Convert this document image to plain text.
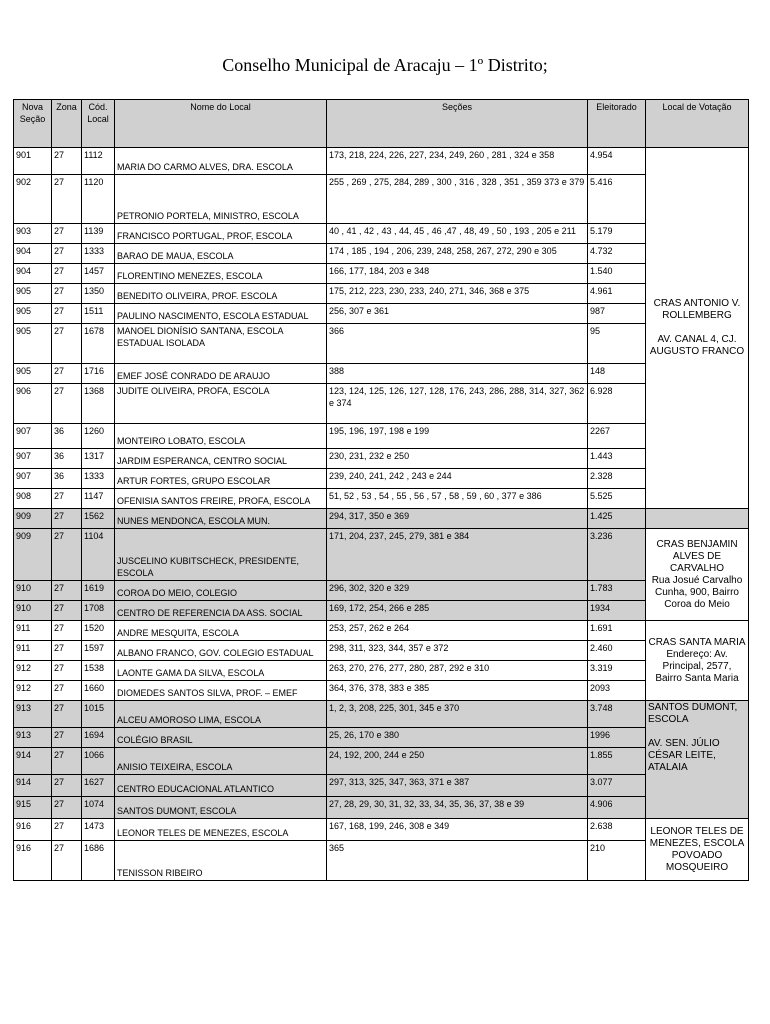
Conselho Municipal de Aracaju – 1º Distrito;
Nova Seção	Zona	Cód. Local	Nome do Local	Seções	Eleitorado	Local de Votação
901	27	1112	MARIA DO CARMO ALVES, DRA. ESCOLA	173, 218, 224, 226, 227, 234, 249, 260 , 281 , 324 e 358	4.954	CRAS ANTONIO V. ROLLEMBERG

AV. CANAL 4, CJ. AUGUSTO FRANCO
902	27	1120	PETRONIO PORTELA, MINISTRO, ESCOLA	255 , 269 , 275, 284, 289 , 300 , 316 , 328 , 351 , 359 373 e 379	5.416	
903	27	1139	FRANCISCO PORTUGAL, PROF, ESCOLA	40 , 41 , 42 , 43 , 44, 45 , 46 ,47 , 48, 49 , 50 , 193 , 205 e 211	5.179	
904	27	1333	BARAO DE MAUA, ESCOLA	174 , 185 , 194 , 206, 239, 248, 258, 267, 272, 290 e 305	4.732	
904	27	1457	FLORENTINO MENEZES, ESCOLA	166, 177, 184, 203 e 348	1.540	
905	27	1350	BENEDITO OLIVEIRA, PROF. ESCOLA	175, 212, 223, 230, 233, 240, 271, 346, 368 e 375	4.961	
905	27	1511	PAULINO NASCIMENTO, ESCOLA ESTADUAL	256, 307 e 361	987	
905	27	1678	MANOEL DIONÍSIO SANTANA, ESCOLA ESTADUAL ISOLADA	366	95	
905	27	1716	EMEF JOSÉ CONRADO DE ARAUJO	388	148	
906	27	1368	JUDITE OLIVEIRA, PROFA, ESCOLA	123, 124, 125, 126, 127, 128, 176, 243, 286, 288, 314, 327, 362 e 374	6.928	
907	36	1260	MONTEIRO LOBATO, ESCOLA	195, 196, 197, 198 e 199	2267	
907	36	1317	JARDIM ESPERANCA, CENTRO SOCIAL	230, 231, 232 e 250	1.443	
907	36	1333	ARTUR FORTES, GRUPO ESCOLAR	239, 240, 241, 242 , 243 e 244	2.328	
908	27	1147	OFENISIA SANTOS FREIRE, PROFA, ESCOLA	51, 52 , 53 , 54 , 55 , 56 , 57 , 58 , 59 , 60 , 377 e 386	5.525	
909	27	1562	NUNES MENDONCA, ESCOLA MUN.	294, 317, 350 e 369	1.425	
909	27	1104	JUSCELINO KUBITSCHECK, PRESIDENTE, ESCOLA	171, 204, 237, 245, 279, 381 e 384	3.236	CRAS BENJAMIN ALVES DE CARVALHO
Rua Josué Carvalho Cunha, 900, Bairro Coroa do Meio
910	27	1619	COROA DO MEIO, COLEGIO	296, 302, 320 e 329	1.783	
910	27	1708	CENTRO DE REFERENCIA DA ASS. SOCIAL	169, 172, 254, 266 e 285	1934	
911	27	1520	ANDRE MESQUITA, ESCOLA	253, 257, 262 e 264	1.691	CRAS SANTA MARIA
Endereço: Av. Principal, 2577, Bairro Santa Maria
911	27	1597	ALBANO FRANCO, GOV. COLEGIO ESTADUAL	298, 311, 323, 344, 357 e 372	2.460	
912	27	1538	LAONTE GAMA DA SILVA, ESCOLA	263, 270, 276, 277, 280, 287, 292 e 310	3.319	
912	27	1660	DIOMEDES SANTOS SILVA, PROF. – EMEF	364, 376, 378, 383 e 385	2093	
913	27	1015	ALCEU AMOROSO LIMA, ESCOLA	1, 2, 3, 208, 225, 301, 345 e 370	3.748	SANTOS DUMONT, ESCOLA

AV. SEN. JÚLIO CÉSAR LEITE, ATALAIA
913	27	1694	COLÉGIO BRASIL	25, 26, 170 e 380	1996	
914	27	1066	ANISIO TEIXEIRA, ESCOLA	24, 192, 200, 244 e 250	1.855	
914	27	1627	CENTRO EDUCACIONAL ATLANTICO	297, 313, 325, 347, 363, 371 e 387	3.077	
915	27	1074	SANTOS DUMONT, ESCOLA	27, 28, 29, 30, 31, 32, 33, 34, 35, 36, 37, 38 e 39	4.906	
916	27	1473	LEONOR TELES DE MENEZES, ESCOLA	167, 168, 199, 246, 308 e 349	2.638	LEONOR TELES DE MENEZES, ESCOLA POVOADO MOSQUEIRO
916	27	1686	TENISSON RIBEIRO	365	210	
